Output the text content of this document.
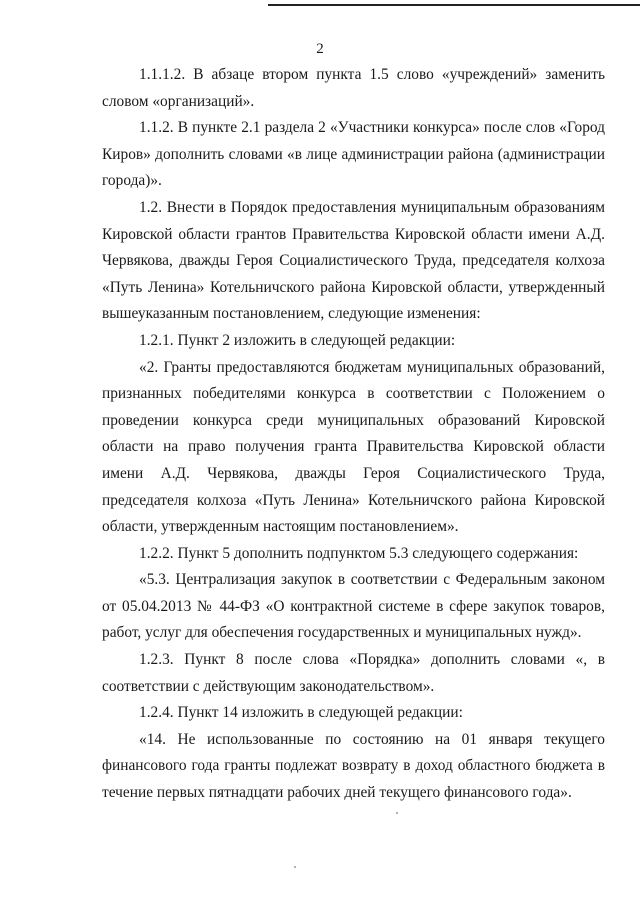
2

1.1.1.2. В абзаце втором пункта 1.5 слово «учреждений» заменить словом «организаций».

1.1.2. В пункте 2.1 раздела 2 «Участники конкурса» после слов «Город Киров» дополнить словами «в лице администрации района (администрации города)».

1.2. Внести в Порядок предоставления муниципальным образованиям Кировской области грантов Правительства Кировской области имени А.Д. Червякова, дважды Героя Социалистического Труда, председателя колхоза «Путь Ленина» Котельничского района Кировской области, утвержденный вышеуказанным постановлением, следующие изменения:

1.2.1. Пункт 2 изложить в следующей редакции:

«2. Гранты предоставляются бюджетам муниципальных образований, признанных победителями конкурса в соответствии с Положением о проведении конкурса среди муниципальных образований Кировской области на право получения гранта Правительства Кировской области имени А.Д. Червякова, дважды Героя Социалистического Труда, председателя колхоза «Путь Ленина» Котельничского района Кировской области, утвержденным настоящим постановлением».

1.2.2. Пункт 5 дополнить подпунктом 5.3 следующего содержания:

«5.3. Централизация закупок в соответствии с Федеральным законом от 05.04.2013 № 44-ФЗ «О контрактной системе в сфере закупок товаров, работ, услуг для обеспечения государственных и муниципальных нужд».

1.2.3. Пункт 8 после слова «Порядка» дополнить словами «, в соответствии с действующим законодательством».

1.2.4. Пункт 14 изложить в следующей редакции:

«14. Не использованные по состоянию на 01 января текущего финансового года гранты подлежат возврату в доход областного бюджета в течение первых пятнадцати рабочих дней текущего финансового года».
